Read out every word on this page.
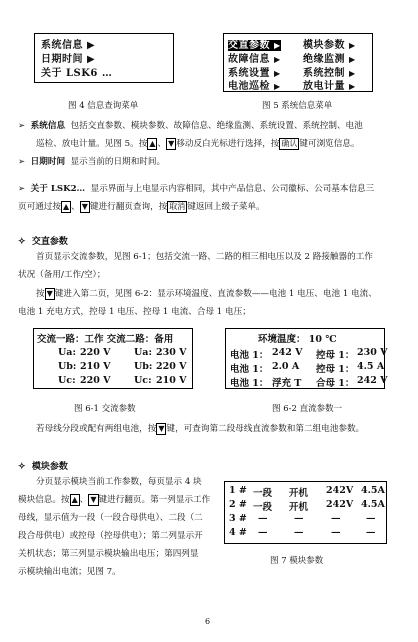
系统信息 ▶
日期时间 ▶
关于 LSK6 …
图 4 信息查询菜单
交直参数 ▶ 模块参数 ▶
故障信息 ▶ 绝缘监测 ▶
系统设置 ▶ 系统控制 ▶
电池巡检 ▶ 放电计量 ▶
图 5 系统信息菜单
➢ 系统信息 包括交直参数、模块参数、故障信息、绝缘监测、系统设置、系统控制、电池
巡检、放电计量。见图 5。按 ▲ 、 ▼ 移动反白光标进行选择，按 确认 键可浏览信息。
➢ 日期时间 显示当前的日期和时间。
➢ 关于 LSK2… 显示界面与上电显示内容相同，其中产品信息、公司徽标、公司基本信息三
页可通过按 ▲ 、 ▼ 键进行翻页查询，按 取消 键返回上级子菜单。
✧ 交直参数
首页显示交流参数，见图 6-1；包括交流一路、二路的相三相电压以及 2 路接触器的工作
状况（备用/工作/空）；
按 ▼ 键进入第二页，见图 6-2：显示环境温度、直流参数——电池 1 电压、电池 1 电流、
电池 1 充电方式，控母 1 电压、控母 1 电流、合母 1 电压；
交流一路：工作 交流二路：备用
Ua: 220 V Ua: 230 V
Ub: 210 V Ub: 220 V
Uc: 220 V Uc: 210 V
图 6-1 交流参数
环境温度： 10 ℃
电池 1： 242 V 控母 1： 230 V
电池 1： 2.0 A 控母 1： 4.5 A
电池 1： 浮充 T 合母 1： 242 V
图 6-2 直流参数一
若母线分段或配有两组电池，按 ▼ 键，可查询第二段母线直流参数和第二组电池参数。
✧ 模块参数
分页显示模块当前工作参数，每页显示 4 块
模块信息。按 ▲ 、 ▼ 键进行翻页。第一列显示工作
母线，显示值为一段（一段合母供电）、二段（二
段合母供电）或控母（控母供电）；第二列显示开
关机状态；第三列显示模块输出电压；第四列显
示模块输出电流；见图 7。
1 # 一段 开机 242V 4.5A
2 # 一段 开机 242V 4.5A
3 # —	—	—	—
4 # —	—	—	—
图 7 模块参数
6
